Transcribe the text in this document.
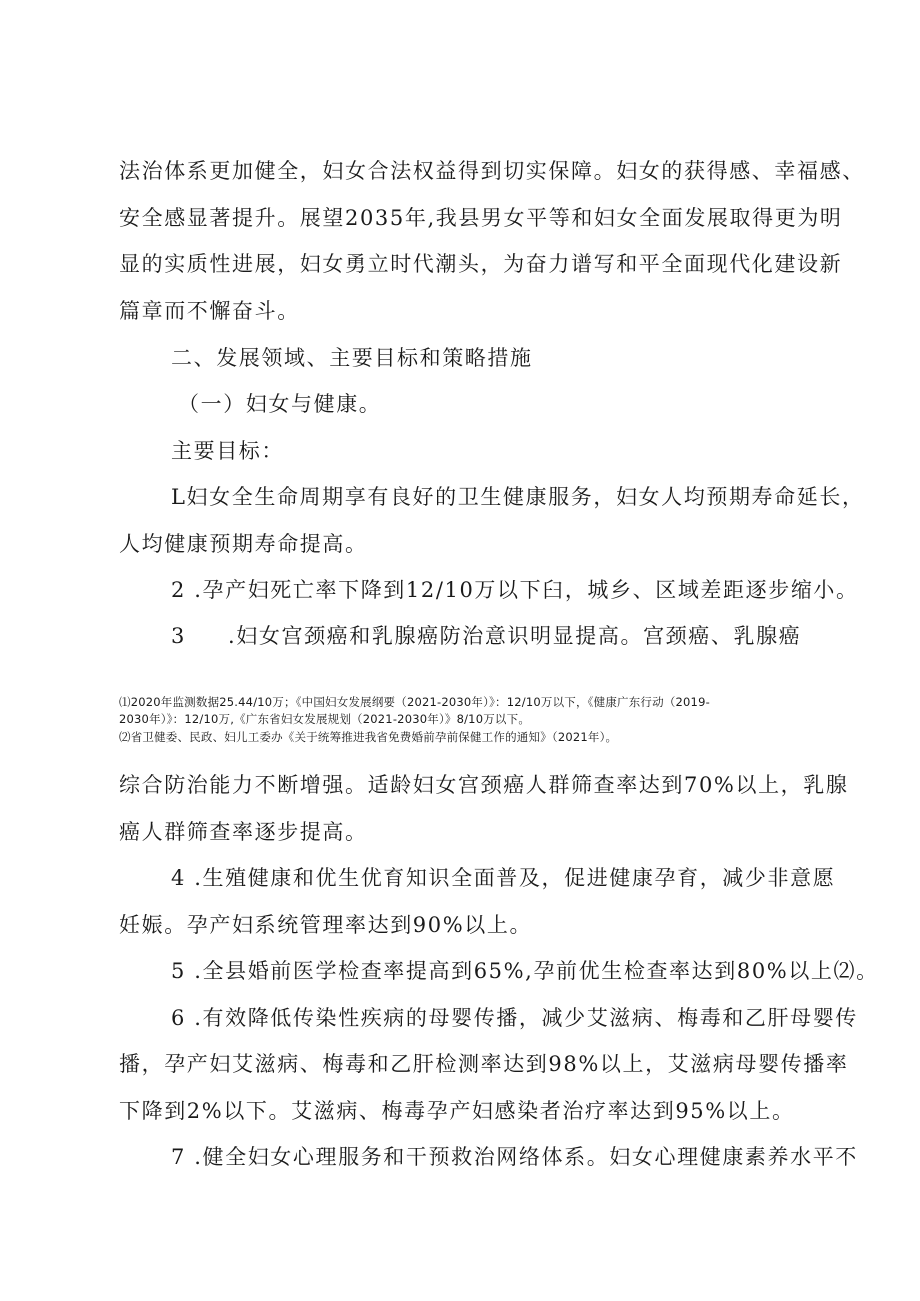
法治体系更加健全，妇女合法权益得到切实保障。妇女的获得感、幸福感、
安全感显著提升。展望2035年,我县男女平等和妇女全面发展取得更为明
显的实质性进展，妇女勇立时代潮头，为奋力谱写和平全面现代化建设新
篇章而不懈奋斗。
二、发展领域、主要目标和策略措施
（一）妇女与健康。
主要目标：
L妇女全生命周期享有良好的卫生健康服务，妇女人均预期寿命延长，
人均健康预期寿命提高。
2 .孕产妇死亡率下降到12/10万以下臼，城乡、区域差距逐步缩小。
3	.妇女宫颈癌和乳腺癌防治意识明显提高。宫颈癌、乳腺癌
⑴2020年监测数据25.44/10万；《中国妇女发展纲要（2021-2030年）》：12/10万以下，《健康广东行动（2019-
2030年）》：12/10万,《广东省妇女发展规划（2021-2030年）》8/10万以下。
⑵省卫健委、民政、妇儿工委办《关于统筹推进我省免费婚前孕前保健工作的通知》（2021年）。
综合防治能力不断增强。适龄妇女宫颈癌人群筛查率达到70%以上，乳腺
癌人群筛查率逐步提高。
4 .生殖健康和优生优育知识全面普及，促进健康孕育，减少非意愿
妊娠。孕产妇系统管理率达到90%以上。
5 .全县婚前医学检查率提高到65%,孕前优生检查率达到80%以上⑵。
6 .有效降低传染性疾病的母婴传播，减少艾滋病、梅毒和乙肝母婴传
播，孕产妇艾滋病、梅毒和乙肝检测率达到98%以上，艾滋病母婴传播率
下降到2%以下。艾滋病、梅毒孕产妇感染者治疗率达到95%以上。
7 .健全妇女心理服务和干预救治网络体系。妇女心理健康素养水平不
